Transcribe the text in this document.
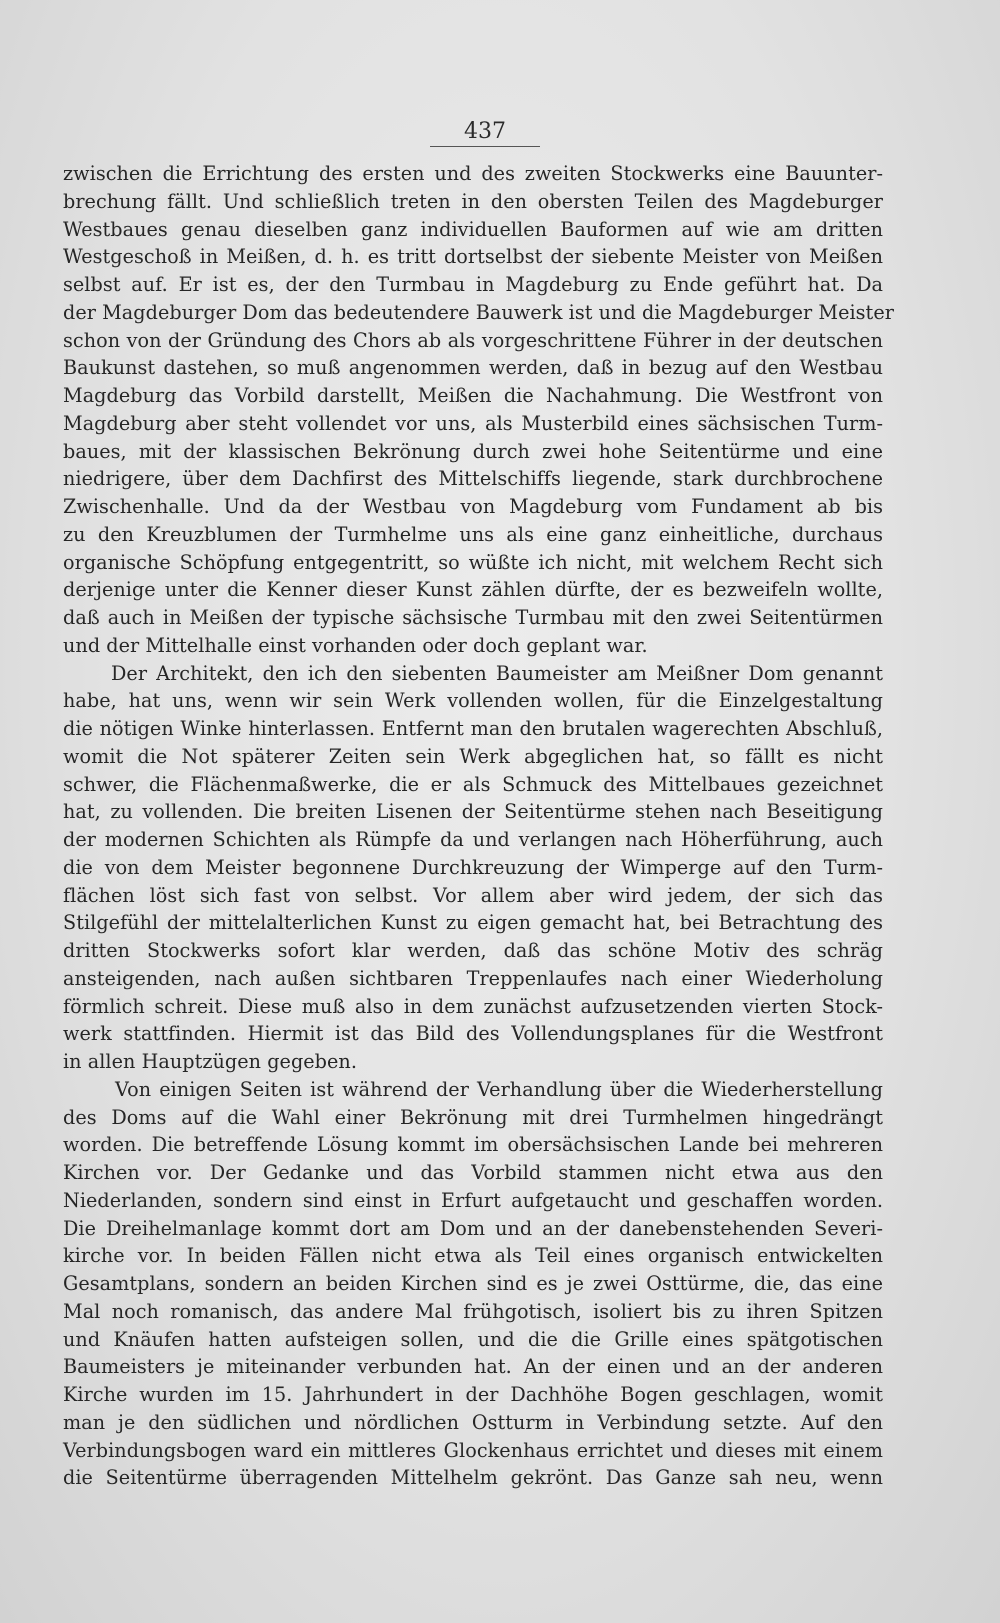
437
zwischen die Errichtung des ersten und des zweiten Stockwerks eine Bauunter-
brechung fällt. Und schließlich treten in den obersten Teilen des Magdeburger
Westbaues genau dieselben ganz individuellen Bauformen auf wie am dritten
Westgeschoß in Meißen, d. h. es tritt dortselbst der siebente Meister von Meißen
selbst auf. Er ist es, der den Turmbau in Magdeburg zu Ende geführt hat. Da
der Magdeburger Dom das bedeutendere Bauwerk ist und die Magdeburger Meister
schon von der Gründung des Chors ab als vorgeschrittene Führer in der deutschen
Baukunst dastehen, so muß angenommen werden, daß in bezug auf den Westbau
Magdeburg das Vorbild darstellt, Meißen die Nachahmung. Die Westfront von
Magdeburg aber steht vollendet vor uns, als Musterbild eines sächsischen Turm-
baues, mit der klassischen Bekrönung durch zwei hohe Seitentürme und eine
niedrigere, über dem Dachfirst des Mittelschiffs liegende, stark durchbrochene
Zwischenhalle. Und da der Westbau von Magdeburg vom Fundament ab bis
zu den Kreuzblumen der Turmhelme uns als eine ganz einheitliche, durchaus
organische Schöpfung entgegentritt, so wüßte ich nicht, mit welchem Recht sich
derjenige unter die Kenner dieser Kunst zählen dürfte, der es bezweifeln wollte,
daß auch in Meißen der typische sächsische Turmbau mit den zwei Seitentürmen
und der Mittelhalle einst vorhanden oder doch geplant war.
Der Architekt, den ich den siebenten Baumeister am Meißner Dom genannt
habe, hat uns, wenn wir sein Werk vollenden wollen, für die Einzelgestaltung
die nötigen Winke hinterlassen. Entfernt man den brutalen wagerechten Abschluß,
womit die Not späterer Zeiten sein Werk abgeglichen hat, so fällt es nicht
schwer, die Flächenmaßwerke, die er als Schmuck des Mittelbaues gezeichnet
hat, zu vollenden. Die breiten Lisenen der Seitentürme stehen nach Beseitigung
der modernen Schichten als Rümpfe da und verlangen nach Höherführung, auch
die von dem Meister begonnene Durchkreuzung der Wimperge auf den Turm-
flächen löst sich fast von selbst. Vor allem aber wird jedem, der sich das
Stilgefühl der mittelalterlichen Kunst zu eigen gemacht hat, bei Betrachtung des
dritten Stockwerks sofort klar werden, daß das schöne Motiv des schräg
ansteigenden, nach außen sichtbaren Treppenlaufes nach einer Wiederholung
förmlich schreit. Diese muß also in dem zunächst aufzusetzenden vierten Stock-
werk stattfinden. Hiermit ist das Bild des Vollendungsplanes für die Westfront
in allen Hauptzügen gegeben.
Von einigen Seiten ist während der Verhandlung über die Wiederherstellung
des Doms auf die Wahl einer Bekrönung mit drei Turmhelmen hingedrängt
worden. Die betreffende Lösung kommt im obersächsischen Lande bei mehreren
Kirchen vor. Der Gedanke und das Vorbild stammen nicht etwa aus den
Niederlanden, sondern sind einst in Erfurt aufgetaucht und geschaffen worden.
Die Dreihelmanlage kommt dort am Dom und an der danebenstehenden Severi-
kirche vor. In beiden Fällen nicht etwa als Teil eines organisch entwickelten
Gesamtplans, sondern an beiden Kirchen sind es je zwei Osttürme, die, das eine
Mal noch romanisch, das andere Mal frühgotisch, isoliert bis zu ihren Spitzen
und Knäufen hatten aufsteigen sollen, und die die Grille eines spätgotischen
Baumeisters je miteinander verbunden hat. An der einen und an der anderen
Kirche wurden im 15. Jahrhundert in der Dachhöhe Bogen geschlagen, womit
man je den südlichen und nördlichen Ostturm in Verbindung setzte. Auf den
Verbindungsbogen ward ein mittleres Glockenhaus errichtet und dieses mit einem
die Seitentürme überragenden Mittelhelm gekrönt. Das Ganze sah neu, wenn
